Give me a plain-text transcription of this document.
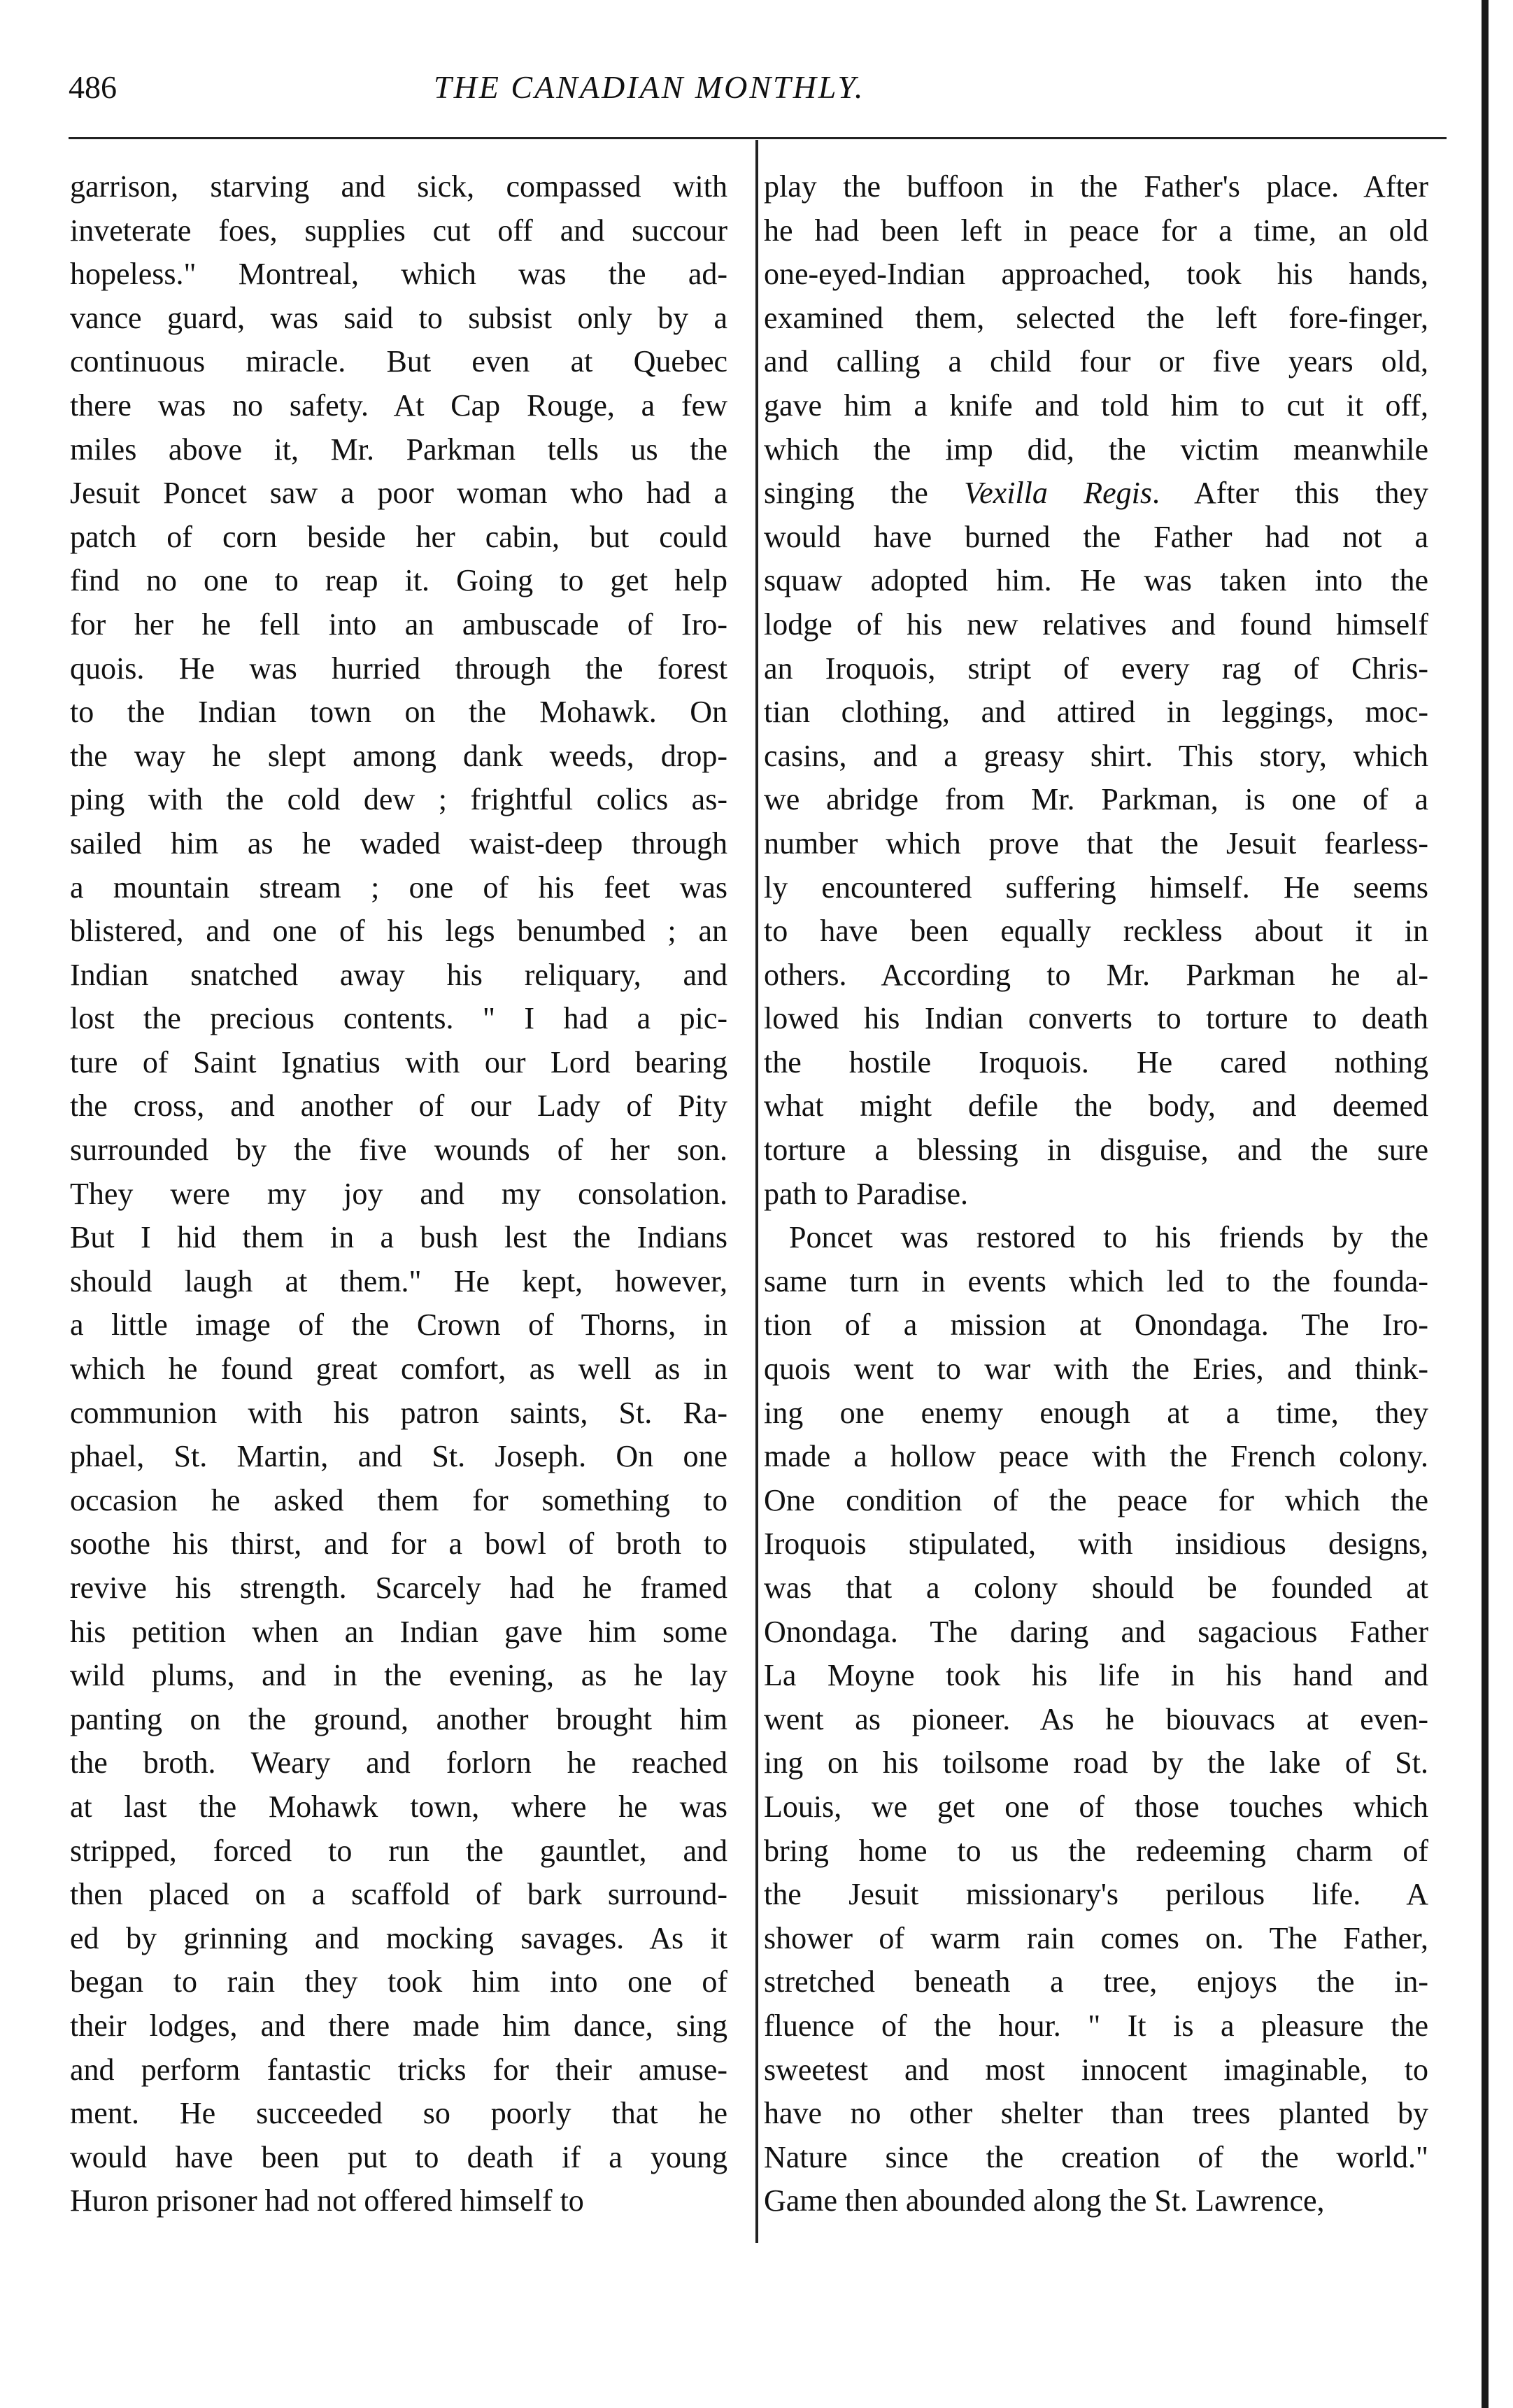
486	THE CANADIAN MONTHLY.
garrison, starving and sick, compassed with
inveterate foes, supplies cut off and succour
hopeless." Montreal, which was the ad-
vance guard, was said to subsist only by a
continuous miracle. But even at Quebec
there was no safety. At Cap Rouge, a few
miles above it, Mr. Parkman tells us the
Jesuit Poncet saw a poor woman who had a
patch of corn beside her cabin, but could
find no one to reap it. Going to get help
for her he fell into an ambuscade of Iro-
quois. He was hurried through the forest
to the Indian town on the Mohawk. On
the way he slept among dank weeds, drop-
ping with the cold dew ; frightful colics as-
sailed him as he waded waist-deep through
a mountain stream ; one of his feet was
blistered, and one of his legs benumbed ; an
Indian snatched away his reliquary, and
lost the precious contents. " I had a pic-
ture of Saint Ignatius with our Lord bearing
the cross, and another of our Lady of Pity
surrounded by the five wounds of her son.
They were my joy and my consolation.
But I hid them in a bush lest the Indians
should laugh at them." He kept, however,
a little image of the Crown of Thorns, in
which he found great comfort, as well as in
communion with his patron saints, St. Ra-
phael, St. Martin, and St. Joseph. On one
occasion he asked them for something to
soothe his thirst, and for a bowl of broth to
revive his strength. Scarcely had he framed
his petition when an Indian gave him some
wild plums, and in the evening, as he lay
panting on the ground, another brought him
the broth. Weary and forlorn he reached
at last the Mohawk town, where he was
stripped, forced to run the gauntlet, and
then placed on a scaffold of bark surround-
ed by grinning and mocking savages. As it
began to rain they took him into one of
their lodges, and there made him dance, sing
and perform fantastic tricks for their amuse-
ment. He succeeded so poorly that he
would have been put to death if a young
Huron prisoner had not offered himself to
play the buffoon in the Father's place. After
he had been left in peace for a time, an old
one-eyed-Indian approached, took his hands,
examined them, selected the left fore-finger,
and calling a child four or five years old,
gave him a knife and told him to cut it off,
which the imp did, the victim meanwhile
singing the Vexilla Regis. After this they
would have burned the Father had not a
squaw adopted him. He was taken into the
lodge of his new relatives and found himself
an Iroquois, stript of every rag of Chris-
tian clothing, and attired in leggings, moc-
casins, and a greasy shirt. This story, which
we abridge from Mr. Parkman, is one of a
number which prove that the Jesuit fearless-
ly encountered suffering himself. He seems
to have been equally reckless about it in
others. According to Mr. Parkman he al-
lowed his Indian converts to torture to death
the hostile Iroquois. He cared nothing
what might defile the body, and deemed
torture a blessing in disguise, and the sure
path to Paradise.
Poncet was restored to his friends by the
same turn in events which led to the founda-
tion of a mission at Onondaga. The Iro-
quois went to war with the Eries, and think-
ing one enemy enough at a time, they
made a hollow peace with the French colony.
One condition of the peace for which the
Iroquois stipulated, with insidious designs,
was that a colony should be founded at
Onondaga. The daring and sagacious Father
La Moyne took his life in his hand and
went as pioneer. As he biouvacs at even-
ing on his toilsome road by the lake of St.
Louis, we get one of those touches which
bring home to us the redeeming charm of
the Jesuit missionary's perilous life. A
shower of warm rain comes on. The Father,
stretched beneath a tree, enjoys the in-
fluence of the hour. " It is a pleasure the
sweetest and most innocent imaginable, to
have no other shelter than trees planted by
Nature since the creation of the world."
Game then abounded along the St. Lawrence,
